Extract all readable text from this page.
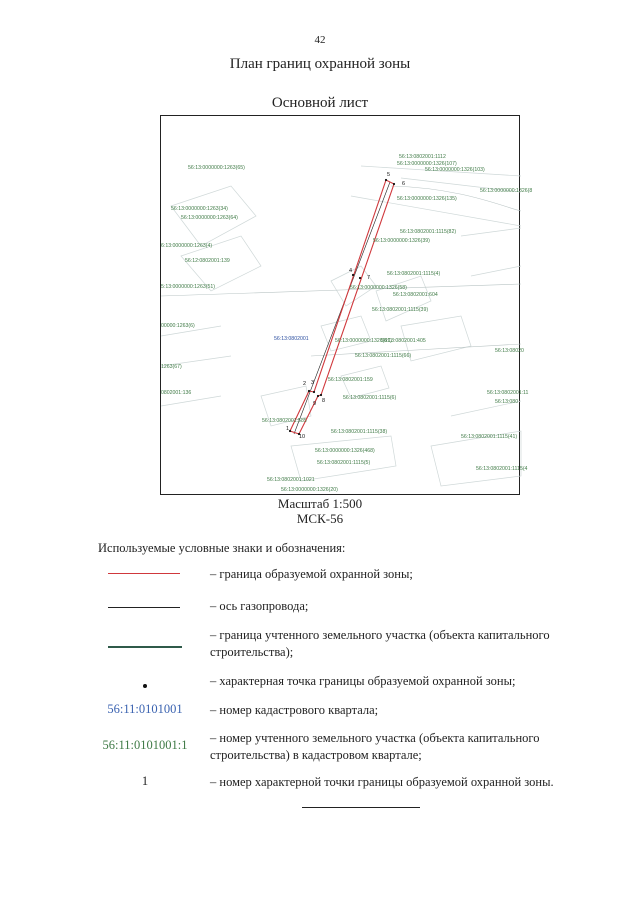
42
План границ охранной зоны
Основной лист
1
2 3
4
5
6
7
8
9
10
56:13:0802001
56:13:0802001:1112
56:13:0000000:1326(107)
56:13:0000000:1326(103)
56:13:0000000:1263(65)
56:13:0000000:1326(8
56:13:0000000:1263(34)
56:13:0000000:1263(64)
56:13:0000000:1326(135)
56:13:0802001:1115(82)
56:13:0000000:1326(39)
6:13:0000000:1263(4)
56:12:0802001:139
56:13:0802001:1115(4)
5:13:0000000:1263(51)	56:13:0000000:1326(58)
56:13:0802001:604
56:13:0802001:1115(39)
00000:1263(6)
56:13:0000000:1326(81)
56:13:0802001:405
56:13:08020
56:13:0802001:1115(66)
1263(67)
56:13:0802001:159
0802001:136
56:13:0802001:1115(6)
56:13:0802001:11
56:13:080
56:13:0802001:585
56:13:0802001:1115(38)
56:13:0802001:1115(41)
56:13:0000000:1326(468)
56:13:0802001:1115(5)
56:13:0802001:1115(4
56:13:0802001:1021
56:13:0000000:1326(20)
Масштаб 1:500
МСК-56
Используемые условные знаки и обозначения:
– граница образуемой охранной зоны;
– ось газопровода;
– граница учтенного земельного участка (объекта капитального строительства);
– характерная точка границы образуемой охранной зоны;
56:11:0101001	– номер кадастрового квартала;
56:11:0101001:1	– номер учтенного земельного участка (объекта капитального строительства) в кадастровом квартале;
1	– номер характерной точки границы образуемой охранной зоны.
